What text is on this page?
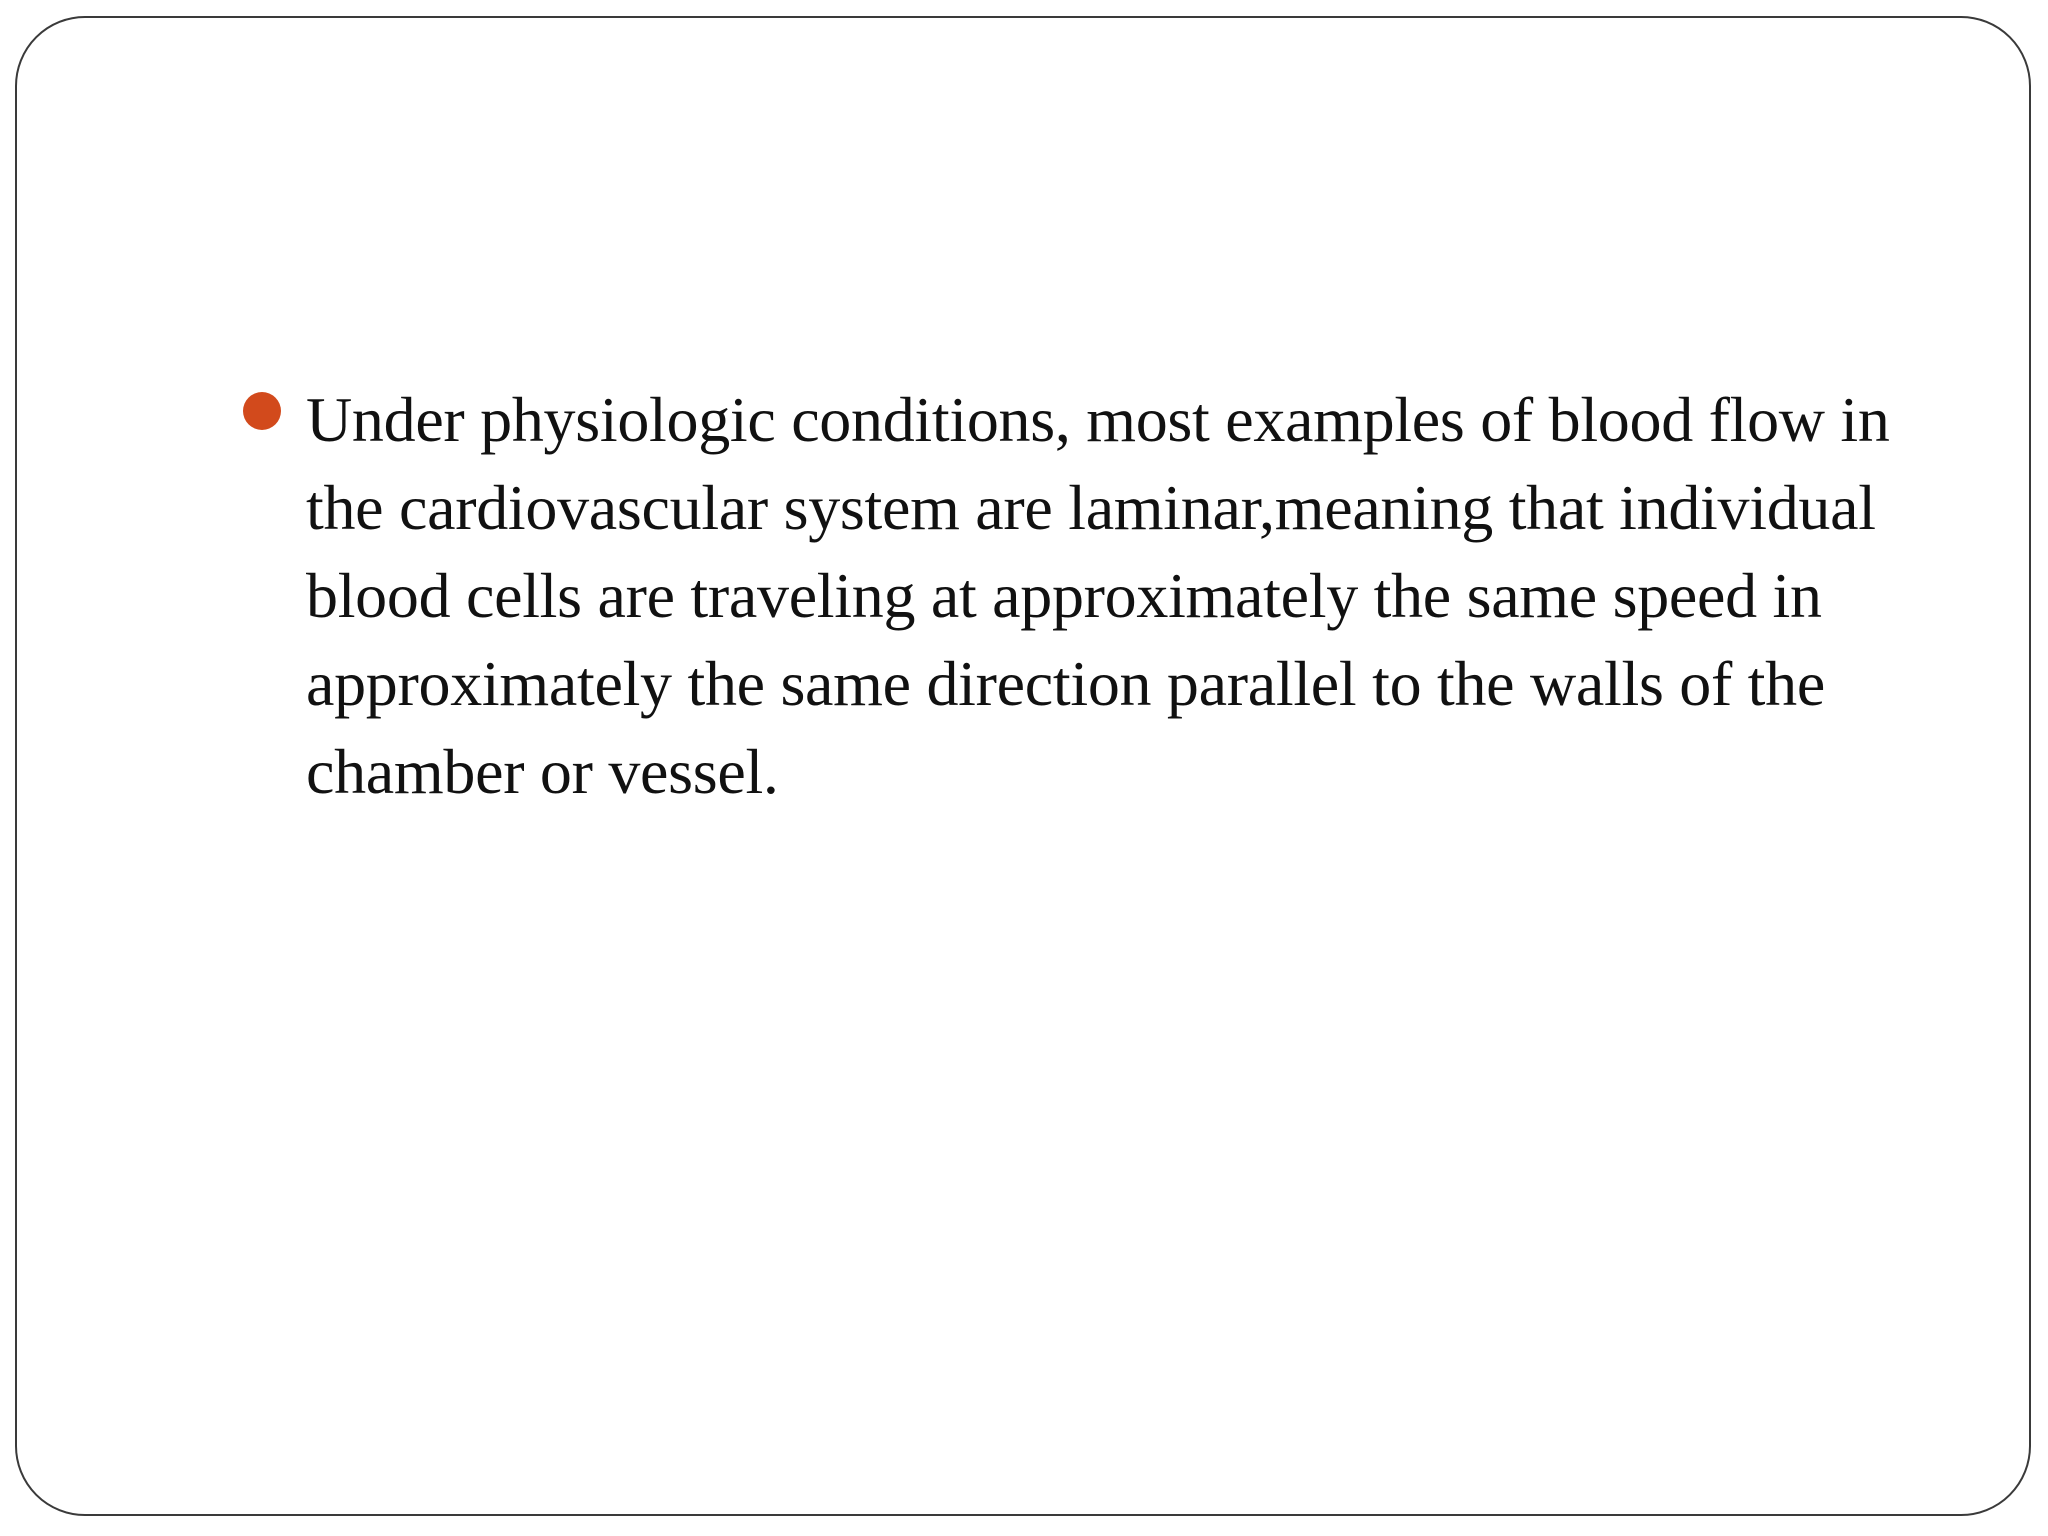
Under physiologic conditions, most examples of blood flow in the cardiovascular system are laminar,meaning that individual blood cells are traveling at approximately the same speed in approximately the same direction parallel to the walls of the chamber or vessel.
